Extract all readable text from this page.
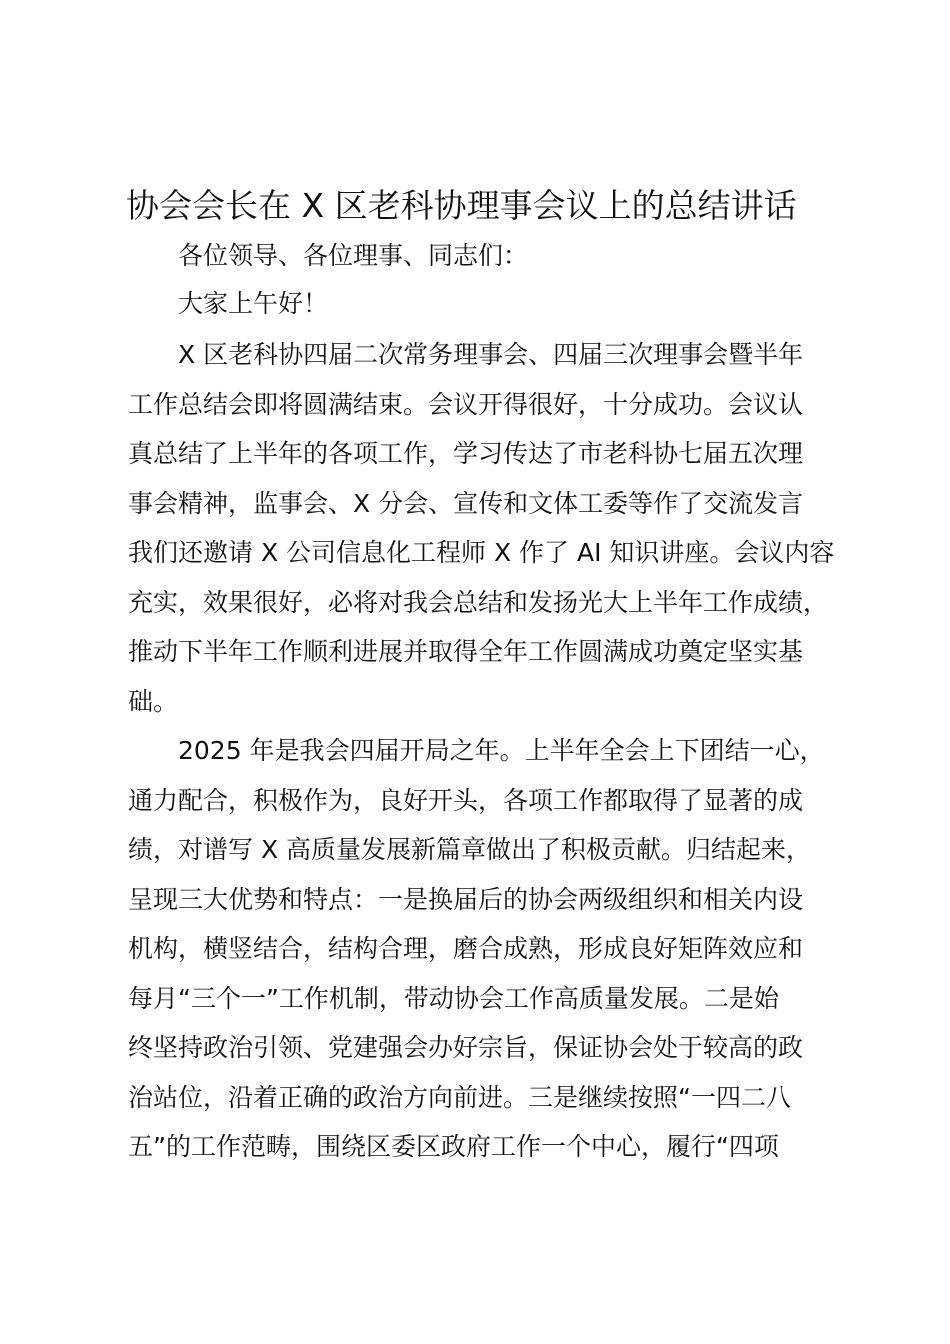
协会会长在 X 区老科协理事会议上的总结讲话
各位领导、各位理事、同志们：
大家上午好！
X 区老科协四届二次常务理事会、四届三次理事会暨半年
工作总结会即将圆满结束。会议开得很好，十分成功。会议认
真总结了上半年的各项工作，学习传达了市老科协七届五次理
事会精神，监事会、X 分会、宣传和文体工委等作了交流发言
我们还邀请 X 公司信息化工程师 X 作了 AI 知识讲座。会议内容
充实，效果很好，必将对我会总结和发扬光大上半年工作成绩，
推动下半年工作顺利进展并取得全年工作圆满成功奠定坚实基
础。
2025 年是我会四届开局之年。上半年全会上下团结一心，
通力配合，积极作为，良好开头，各项工作都取得了显著的成
绩，对谱写 X 高质量发展新篇章做出了积极贡献。归结起来，
呈现三大优势和特点：一是换届后的协会两级组织和相关内设
机构，横竖结合，结构合理，磨合成熟，形成良好矩阵效应和
每月“三个一”工作机制，带动协会工作高质量发展。二是始
终坚持政治引领、党建强会办好宗旨，保证协会处于较高的政
治站位，沿着正确的政治方向前进。三是继续按照“一四二八
五”的工作范畴，围绕区委区政府工作一个中心，履行“四项
